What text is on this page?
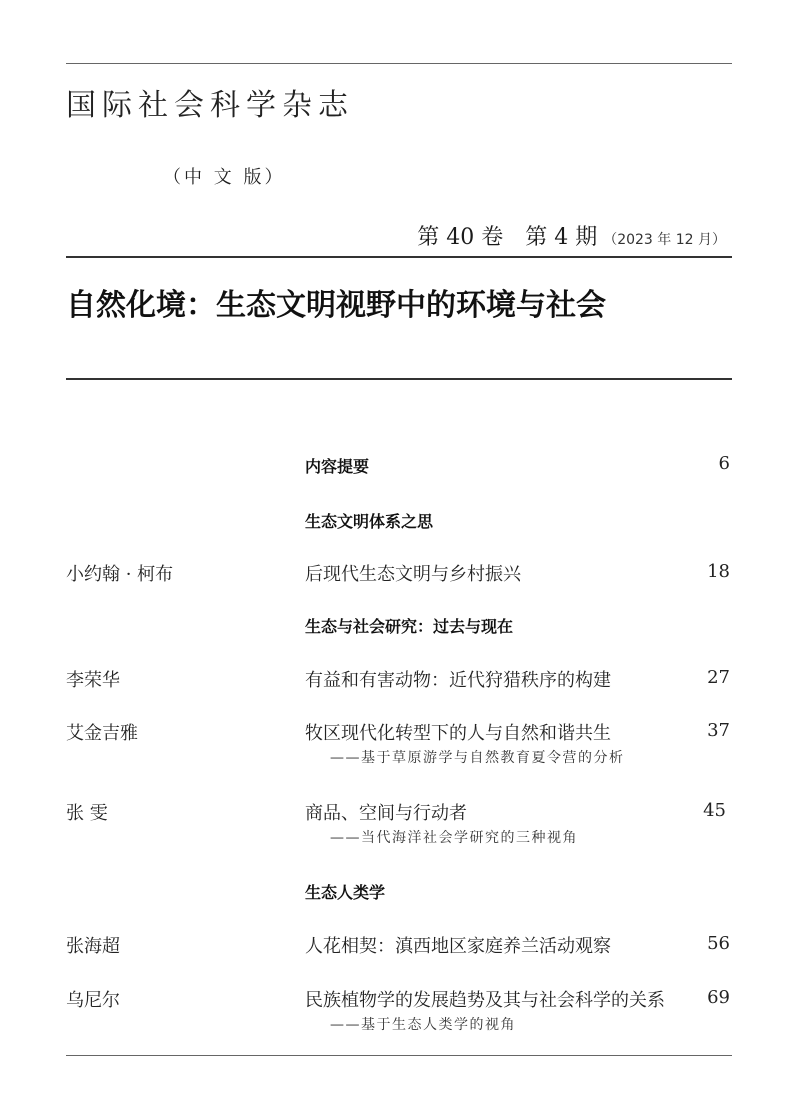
国际社会科学杂志
（中 文 版）
第 40 卷 第 4 期 （2023 年 12 月）
自然化境：生态文明视野中的环境与社会
内容提要	6
生态文明体系之思
小约翰 · 柯布	后现代生态文明与乡村振兴	18
生态与社会研究：过去与现在
李荣华	有益和有害动物：近代狩猎秩序的构建	27
艾金吉雅	牧区现代化转型下的人与自然和谐共生	37
——基于草原游学与自然教育夏令营的分析
张 雯	商品、空间与行动者	45
——当代海洋社会学研究的三种视角
生态人类学
张海超	人花相契：滇西地区家庭养兰活动观察	56
乌尼尔	民族植物学的发展趋势及其与社会科学的关系 69
——基于生态人类学的视角
